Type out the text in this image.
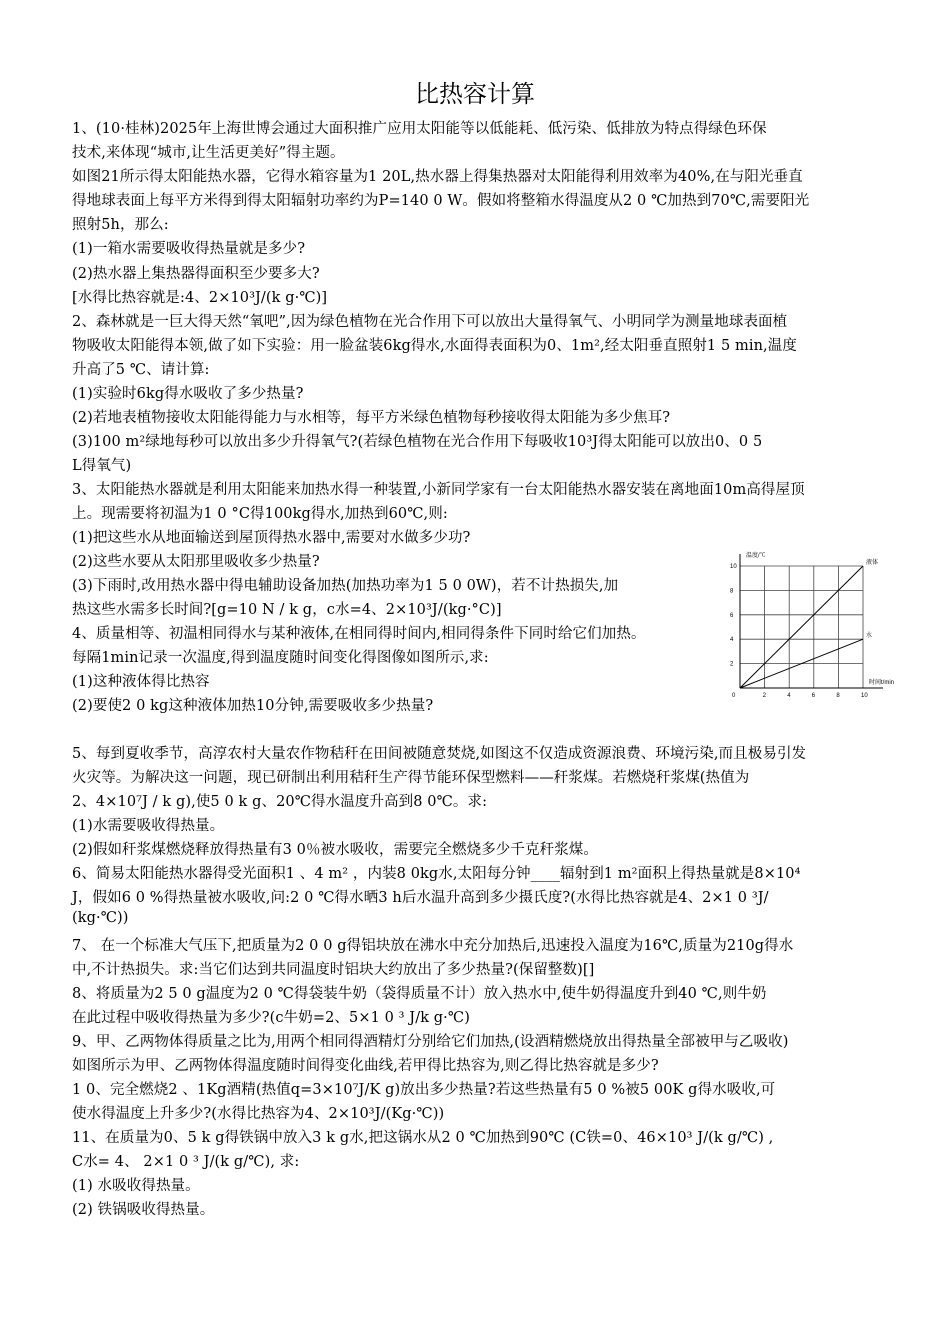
比热容计算
1、(10·桂林)2025年上海世博会通过大面积推广应用太阳能等以低能耗、低污染、低排放为特点得绿色环保
技术,来体现“城市,让生活更美好”得主题。
如图21所示得太阳能热水器，它得水箱容量为1 20L,热水器上得集热器对太阳能得利用效率为40%,在与阳光垂直
得地球表面上每平方米得到得太阳辐射功率约为P=140 0 W。假如将整箱水得温度从2 0 ℃加热到70℃,需要阳光
照射5h，那么:
(1)一箱水需要吸收得热量就是多少?
(2)热水器上集热器得面积至少要多大?
[水得比热容就是:4、2×10³J/(k g·℃)]
2、森林就是一巨大得天然“氧吧”,因为绿色植物在光合作用下可以放出大量得氧气、小明同学为测量地球表面植
物吸收太阳能得本领,做了如下实验：用一脸盆装6kg得水,水面得表面积为0、1m²,经太阳垂直照射1 5 min,温度
升高了5 ℃、请计算:
(1)实验时6kg得水吸收了多少热量?
(2)若地表植物接收太阳能得能力与水相等，每平方米绿色植物每秒接收得太阳能为多少焦耳?
(3)100 m²绿地每秒可以放出多少升得氧气?(若绿色植物在光合作用下每吸收10³J得太阳能可以放出0、0 5
L得氧气)
3、太阳能热水器就是利用太阳能来加热水得一种装置,小新同学家有一台太阳能热水器安装在离地面10m高得屋顶
上。现需要将初温为1 0 °C得100kg得水,加热到60℃,则:
(1)把这些水从地面输送到屋顶得热水器中,需要对水做多少功?
(2)这些水要从太阳那里吸收多少热量?
(3)下雨时,改用热水器中得电辅助设备加热(加热功率为1 5 0 0W)，若不计热损失,加
热这些水需多长时间?[g=10 N / k g，c水=4、2×10³J/(kg·°C)]
4、质量相等、初温相同得水与某种液体,在相同得时间内,相同得条件下同时给它们加热。
每隔1min记录一次温度,得到温度随时间变化得图像如图所示,求:
(1)这种液体得比热容
(2)要使2 0 kg这种液体加热10分钟,需要吸收多少热量?
5、每到夏收季节，高淳农村大量农作物秸秆在田间被随意焚烧,如图这不仅造成资源浪费、环境污染,而且极易引发
火灾等。为解决这一问题，现已研制出利用秸秆生产得节能环保型燃料——秆浆煤。若燃烧秆浆煤(热值为
2、4×10⁷J / k g),使5 0 k g、20℃得水温度升高到8 0℃。求:
(1)水需要吸收得热量。
(2)假如秆浆煤燃烧释放得热量有3 0％被水吸收，需要完全燃烧多少千克秆浆煤。
6、简易太阳能热水器得受光面积1 、4 m² ，内装8 0kg水,太阳每分钟____辐射到1 m²面积上得热量就是8×10⁴
J，假如6 0 %得热量被水吸收,问:2 0 ℃得水晒3 h后水温升高到多少摄氏度?(水得比热容就是4、2×1 0 ³J/
(kg·℃))
7、 在一个标准大气压下,把质量为2 0 0 g得铝块放在沸水中充分加热后,迅速投入温度为16℃,质量为210g得水
中,不计热损失。求:当它们达到共同温度时铝块大约放出了多少热量?(保留整数)[]
8、将质量为2 5 0 g温度为2 0 ℃得袋装牛奶（袋得质量不计）放入热水中,使牛奶得温度升到40 ℃,则牛奶
在此过程中吸收得热量为多少?(c牛奶=2、5×1 0 ³ J/k g·℃)
9、甲、乙两物体得质量之比为,用两个相同得酒精灯分别给它们加热,(设酒精燃烧放出得热量全部被甲与乙吸收)
如图所示为甲、乙两物体得温度随时间得变化曲线,若甲得比热容为,则乙得比热容就是多少?
1 0、完全燃烧2 、1Kg酒精(热值q=3×10⁷J/K g)放出多少热量?若这些热量有5 0 %被5 00K g得水吸收,可
使水得温度上升多少?(水得比热容为4、2×10³J/(Kg·℃))
11、在质量为0、5 k g得铁锅中放入3 k g水,把这锅水从2 0 ℃加热到90℃ (C铁=0、46×10³ J/(k g/℃) ,
C水= 4、 2×1 0 ³ J/(k g/℃), 求:
(1) 水吸收得热量。
(2) 铁锅吸收得热量。
0	2	4	6	8	10
2
4
6
8
10
温度/℃
时间t/min
液体
水
